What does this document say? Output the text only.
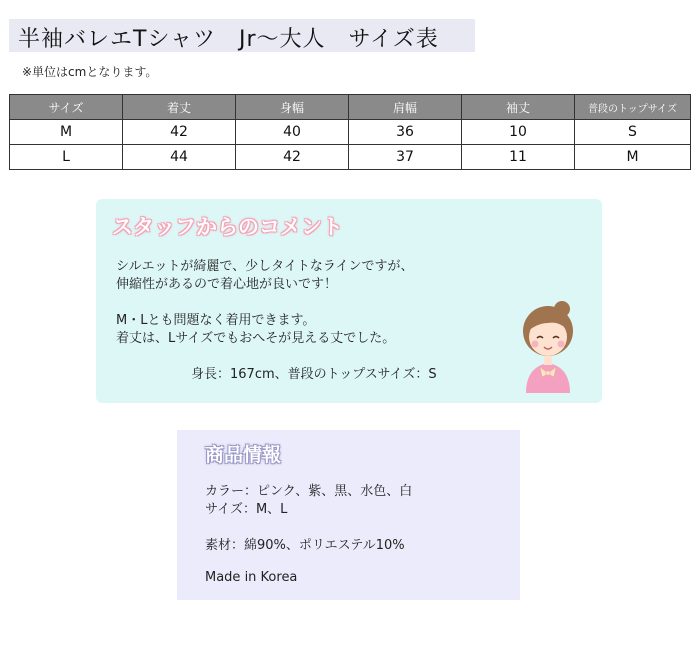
半袖バレエTシャツ　Jr〜大人　サイズ表
※単位はcmとなります。
サイズ	着丈	身幅	肩幅	袖丈	普段のトップサイズ
M	42	40	36	10	S
L	44	42	37	11	M
スタッフからのコメント
シルエットが綺麗で、少しタイトなラインですが、
伸縮性があるので着心地が良いです！
M・Lとも問題なく着用できます。
着丈は、Lサイズでもおへそが見える丈でした。
身長：167cm、普段のトップスサイズ：S
商品情報
カラー：ピンク、紫、黒、水色、白
サイズ：M、L
素材：綿90%、ポリエステル10%
Made in Korea
